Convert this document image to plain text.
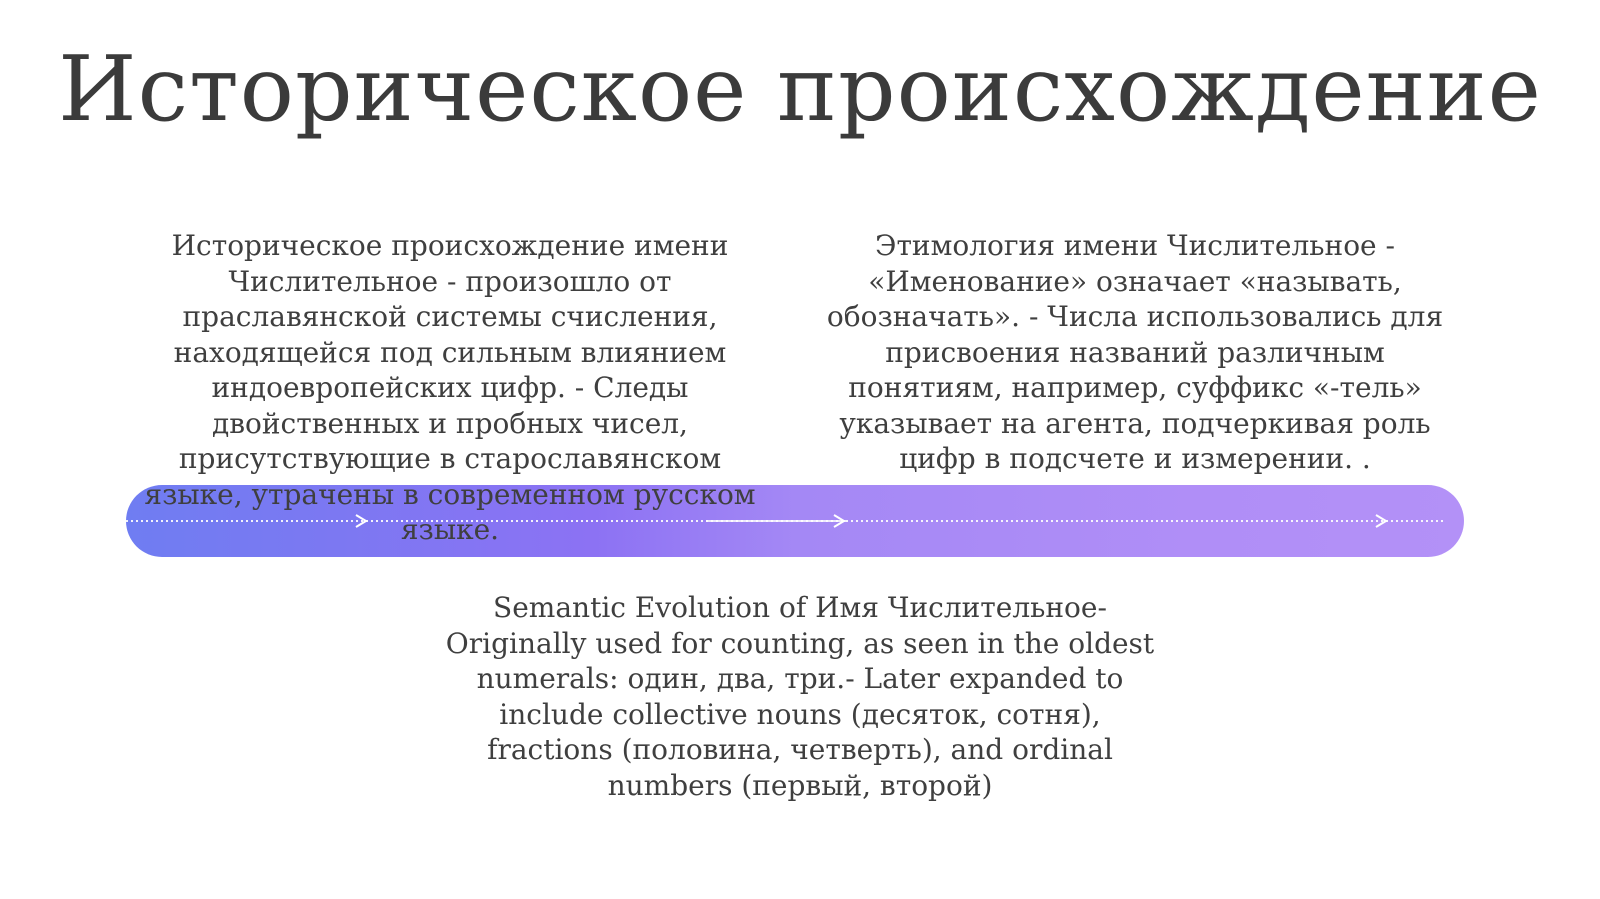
Историческое происхождение
Историческое происхождение имени Числительное - произошло от праславянской системы счисления, находящейся под сильным влиянием индоевропейских цифр. - Следы двойственных и пробных чисел, присутствующие в старославянском языке, утрачены в современном русском языке.
Этимология имени Числительное - «Именование» означает «называть, обозначать». - Числа использовались для присвоения названий различным понятиям, например, суффикс «-тель» указывает на агента, подчеркивая роль цифр в подсчете и измерении. .
Semantic Evolution of Имя Числительное- Originally used for counting, as seen in the oldest numerals: один, два, три.- Later expanded to include collective nouns (десяток, сотня), fractions (половина, четверть), and ordinal numbers (первый, второй)
